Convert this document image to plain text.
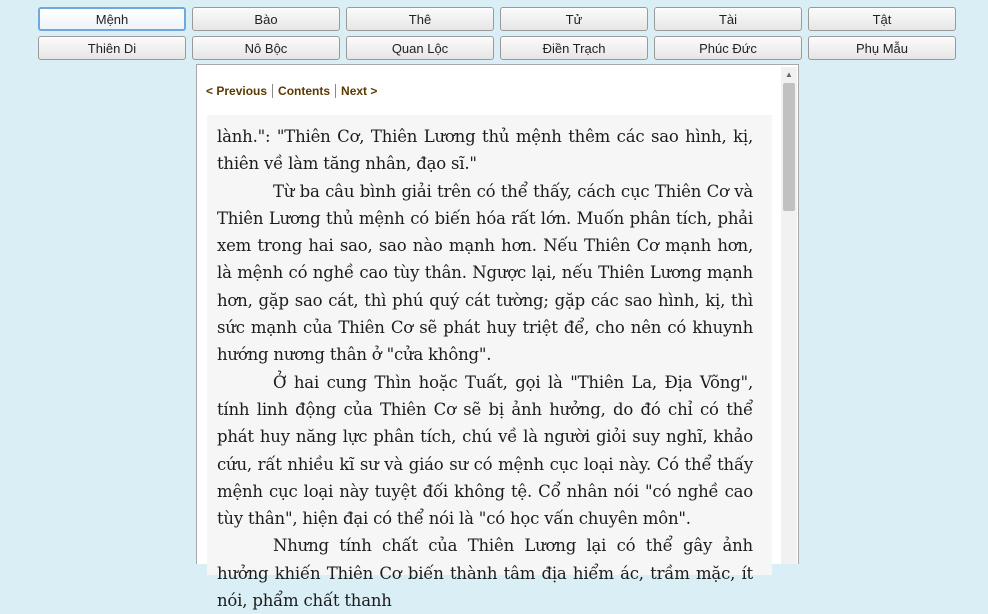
Mệnh	Bào	Thê	Tử	Tài	Tật
Thiên Di	Nô Bộc	Quan Lộc	Điền Trạch	Phúc Đức	Phụ Mẫu
< Previous Contents Next >

lành.": "Thiên Cơ, Thiên Lương thủ mệnh thêm các sao hình, kị, thiên về làm tăng nhân, đạo sĩ."

Từ ba câu bình giải trên có thể thấy, cách cục Thiên Cơ và Thiên Lương thủ mệnh có biến hóa rất lớn. Muốn phân tích, phải xem trong hai sao, sao nào mạnh hơn. Nếu Thiên Cơ mạnh hơn, là mệnh có nghề cao tùy thân. Ngược lại, nếu Thiên Lương mạnh hơn, gặp sao cát, thì phú quý cát tường; gặp các sao hình, kị, thì sức mạnh của Thiên Cơ sẽ phát huy triệt để, cho nên có khuynh hướng nương thân ở "cửa không".

Ở hai cung Thìn hoặc Tuất, gọi là "Thiên La, Địa Võng", tính linh động của Thiên Cơ sẽ bị ảnh hưởng, do đó chỉ có thể phát huy năng lực phân tích, chú về là người giỏi suy nghĩ, khảo cứu, rất nhiều kĩ sư và giáo sư có mệnh cục loại này. Có thể thấy mệnh cục loại này tuyệt đối không tệ. Cổ nhân nói "có nghề cao tùy thân", hiện đại có thể nói là "có học vấn chuyên môn".

Nhưng tính chất của Thiên Lương lại có thể gây ảnh hưởng khiến Thiên Cơ biến thành tâm địa hiểm ác, trầm mặc, ít nói, phẩm chất thanh

▲
